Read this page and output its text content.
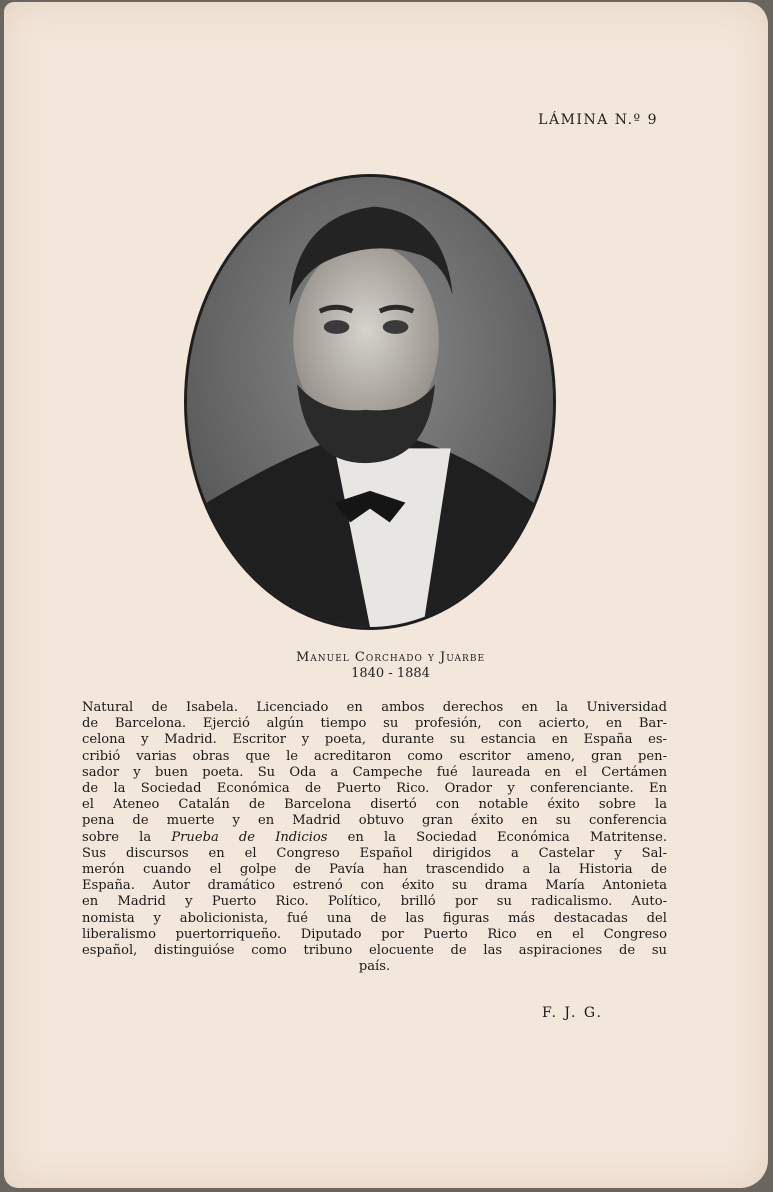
LÁMINA N.º 9
Manuel Corchado y Juarbe
1840 - 1884
Natural de Isabela. Licenciado en ambos derechos en la Universidad
de Barcelona. Ejerció algún tiempo su profesión, con acierto, en Bar-
celona y Madrid. Escritor y poeta, durante su estancia en España es-
cribió varias obras que le acreditaron como escritor ameno, gran pen-
sador y buen poeta. Su Oda a Campeche fué laureada en el Certámen
de la Sociedad Económica de Puerto Rico. Orador y conferenciante. En
el Ateneo Catalán de Barcelona disertó con notable éxito sobre la
pena de muerte y en Madrid obtuvo gran éxito en su conferencia
sobre la Prueba de Indicios en la Sociedad Económica Matritense.
Sus discursos en el Congreso Español dirigidos a Castelar y Sal-
merón cuando el golpe de Pavía han trascendido a la Historia de
España. Autor dramático estrenó con éxito su drama María Antonieta
en Madrid y Puerto Rico. Político, brilló por su radicalismo. Auto-
nomista y abolicionista, fué una de las figuras más destacadas del
liberalismo puertorriqueño. Diputado por Puerto Rico en el Congreso
español, distinguióse como tribuno elocuente de las aspiraciones de su
país.
F. J. G.
